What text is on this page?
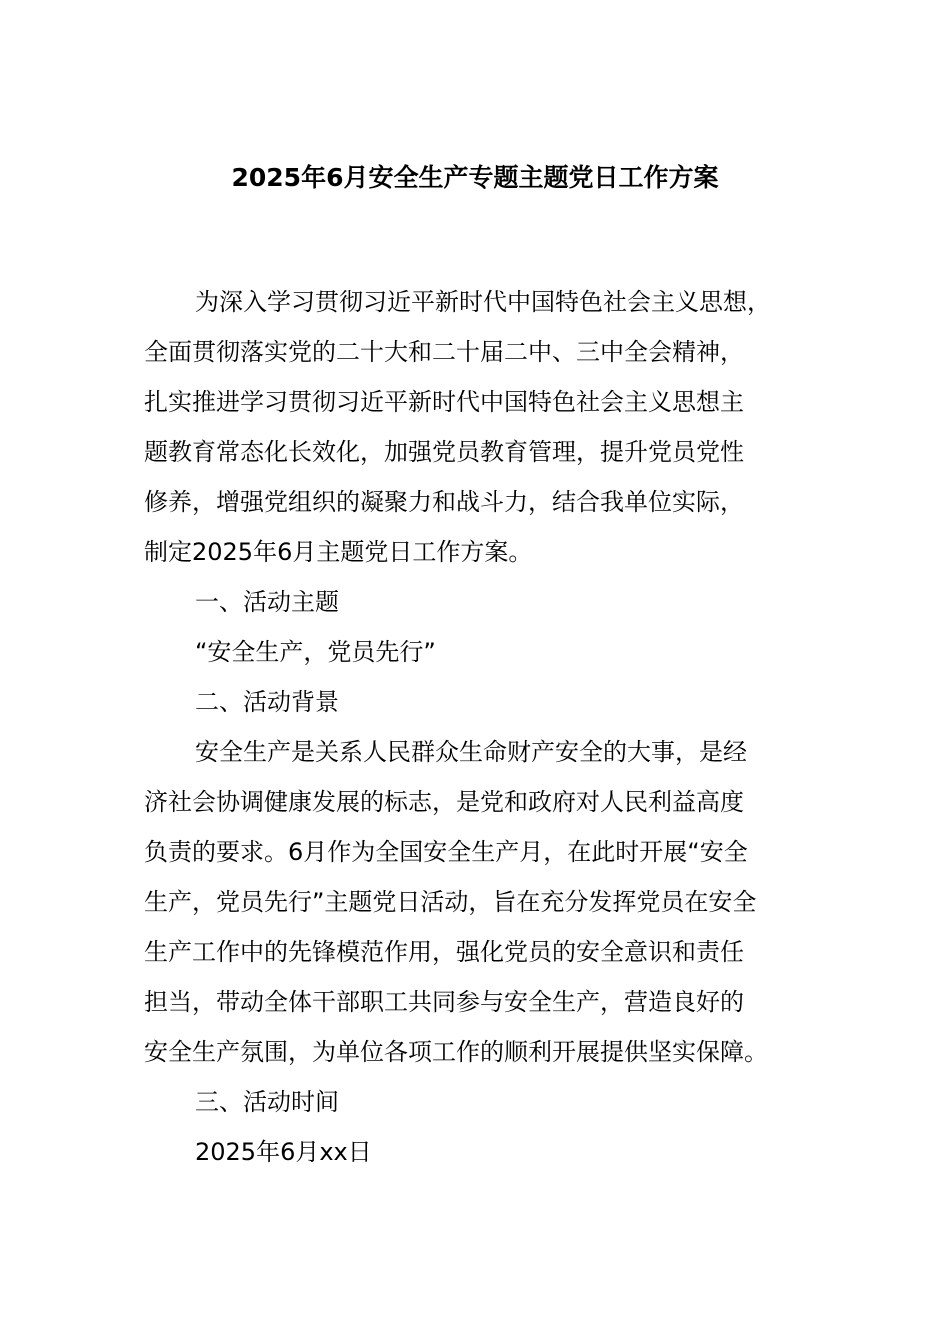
2025年6月安全生产专题主题党日工作方案
为深入学习贯彻习近平新时代中国特色社会主义思想，
全面贯彻落实党的二十大和二十届二中、三中全会精神，
扎实推进学习贯彻习近平新时代中国特色社会主义思想主
题教育常态化长效化，加强党员教育管理，提升党员党性
修养，增强党组织的凝聚力和战斗力，结合我单位实际，
制定2025年6月主题党日工作方案。
一、活动主题
“安全生产，党员先行”
二、活动背景
安全生产是关系人民群众生命财产安全的大事，是经
济社会协调健康发展的标志，是党和政府对人民利益高度
负责的要求。6月作为全国安全生产月，在此时开展“安全
生产，党员先行”主题党日活动，旨在充分发挥党员在安全
生产工作中的先锋模范作用，强化党员的安全意识和责任
担当，带动全体干部职工共同参与安全生产，营造良好的
安全生产氛围，为单位各项工作的顺利开展提供坚实保障。
三、活动时间
2025年6月xx日
